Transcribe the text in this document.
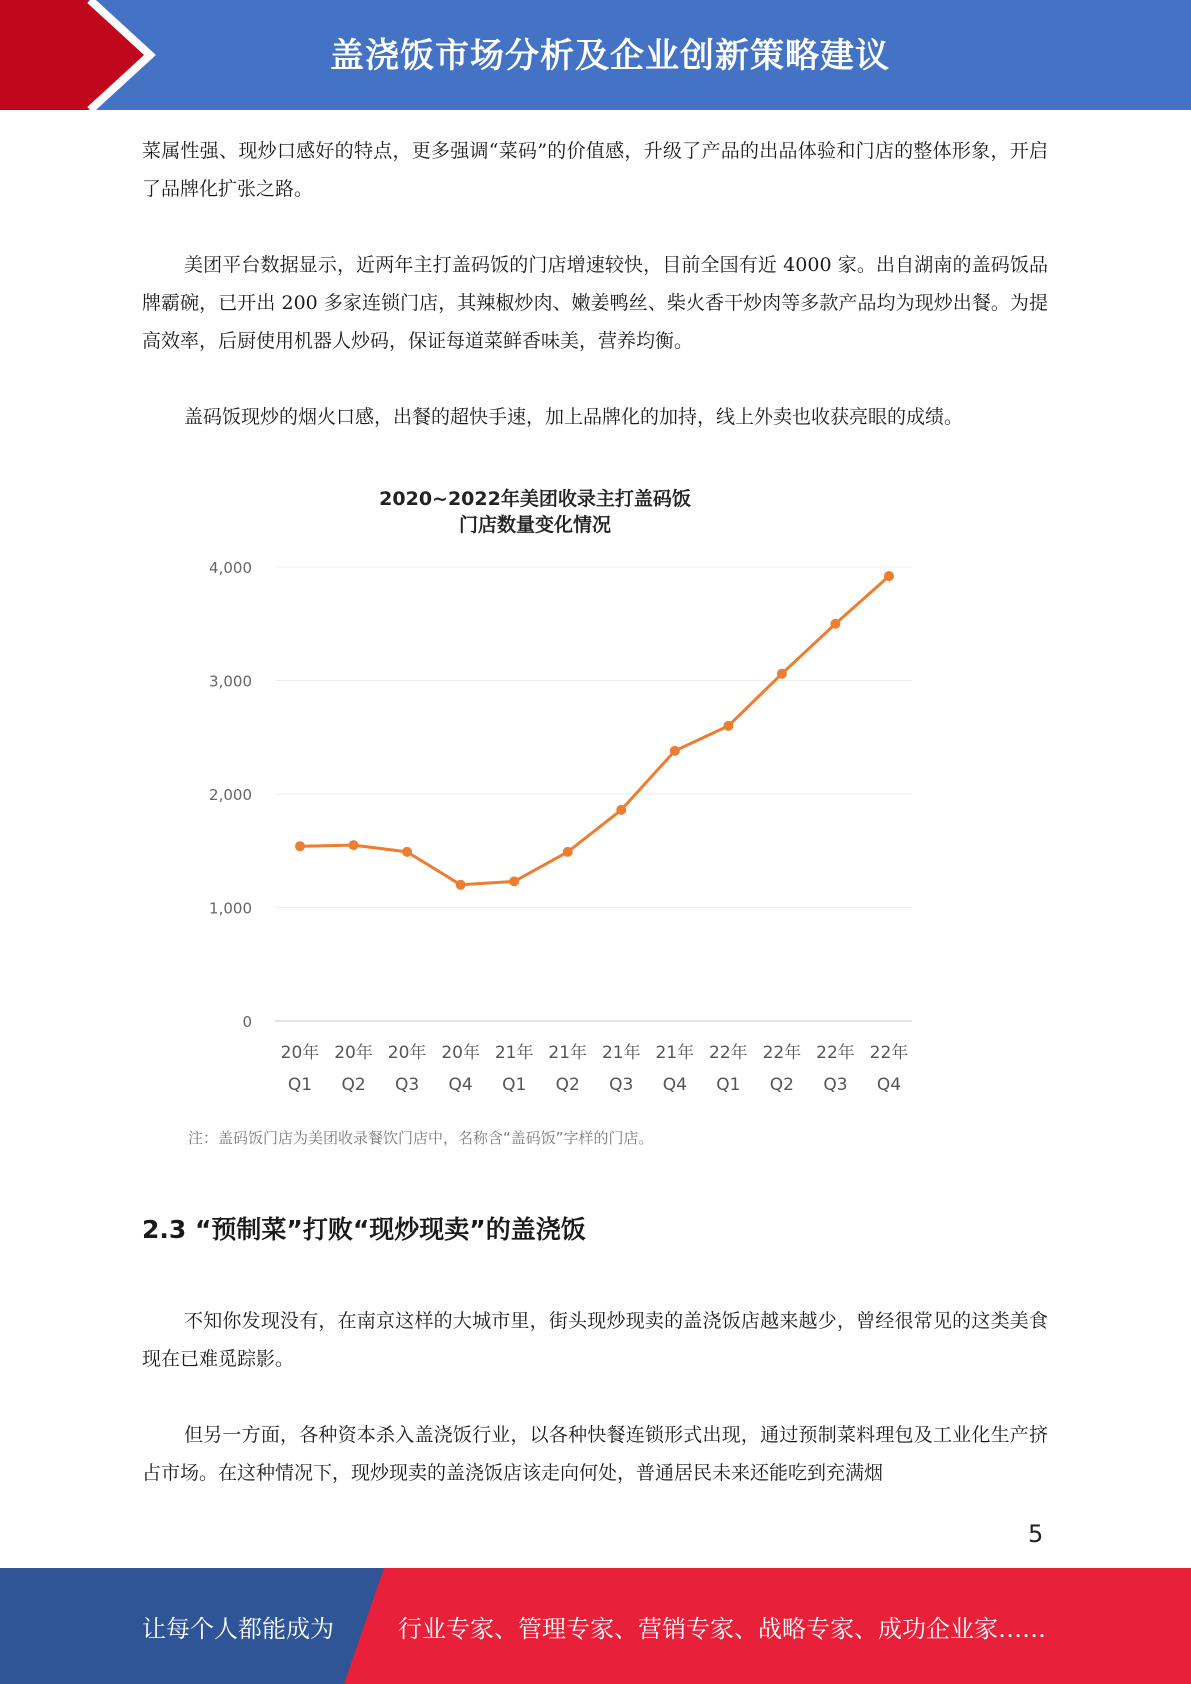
盖浇饭市场分析及企业创新策略建议

菜属性强、现炒口感好的特点，更多强调“菜码”的价值感，升级了产品的出品体验和门店的整体形象，开启了品牌化扩张之路。

美团平台数据显示，近两年主打盖码饭的门店增速较快，目前全国有近 4000 家。出自湖南的盖码饭品牌霸碗，已开出 200 多家连锁门店，其辣椒炒肉、嫩姜鸭丝、柴火香干炒肉等多款产品均为现炒出餐。为提高效率，后厨使用机器人炒码，保证每道菜鲜香味美，营养均衡。

盖码饭现炒的烟火口感，出餐的超快手速，加上品牌化的加持，线上外卖也收获亮眼的成绩。

2020~2022年美团收录主打盖码饭
门店数量变化情况
0
1,000
2,000
3,000
4,000
20年
Q1
20年
Q2
20年
Q3
20年
Q4
21年
Q1
21年
Q2
21年
Q3
21年
Q4
22年
Q1
22年
Q2
22年
Q3
22年
Q4
注：盖码饭门店为美团收录餐饮门店中，名称含“盖码饭”字样的门店。
2.3 “预制菜”打败“现炒现卖”的盖浇饭

不知你发现没有，在南京这样的大城市里，街头现炒现卖的盖浇饭店越来越少，曾经很常见的这类美食现在已难觅踪影。

但另一方面，各种资本杀入盖浇饭行业，以各种快餐连锁形式出现，通过预制菜料理包及工业化生产挤占市场。在这种情况下，现炒现卖的盖浇饭店该走向何处，普通居民未来还能吃到充满烟

5
让每个人都能成为	行业专家、管理专家、营销专家、战略专家、成功企业家……
